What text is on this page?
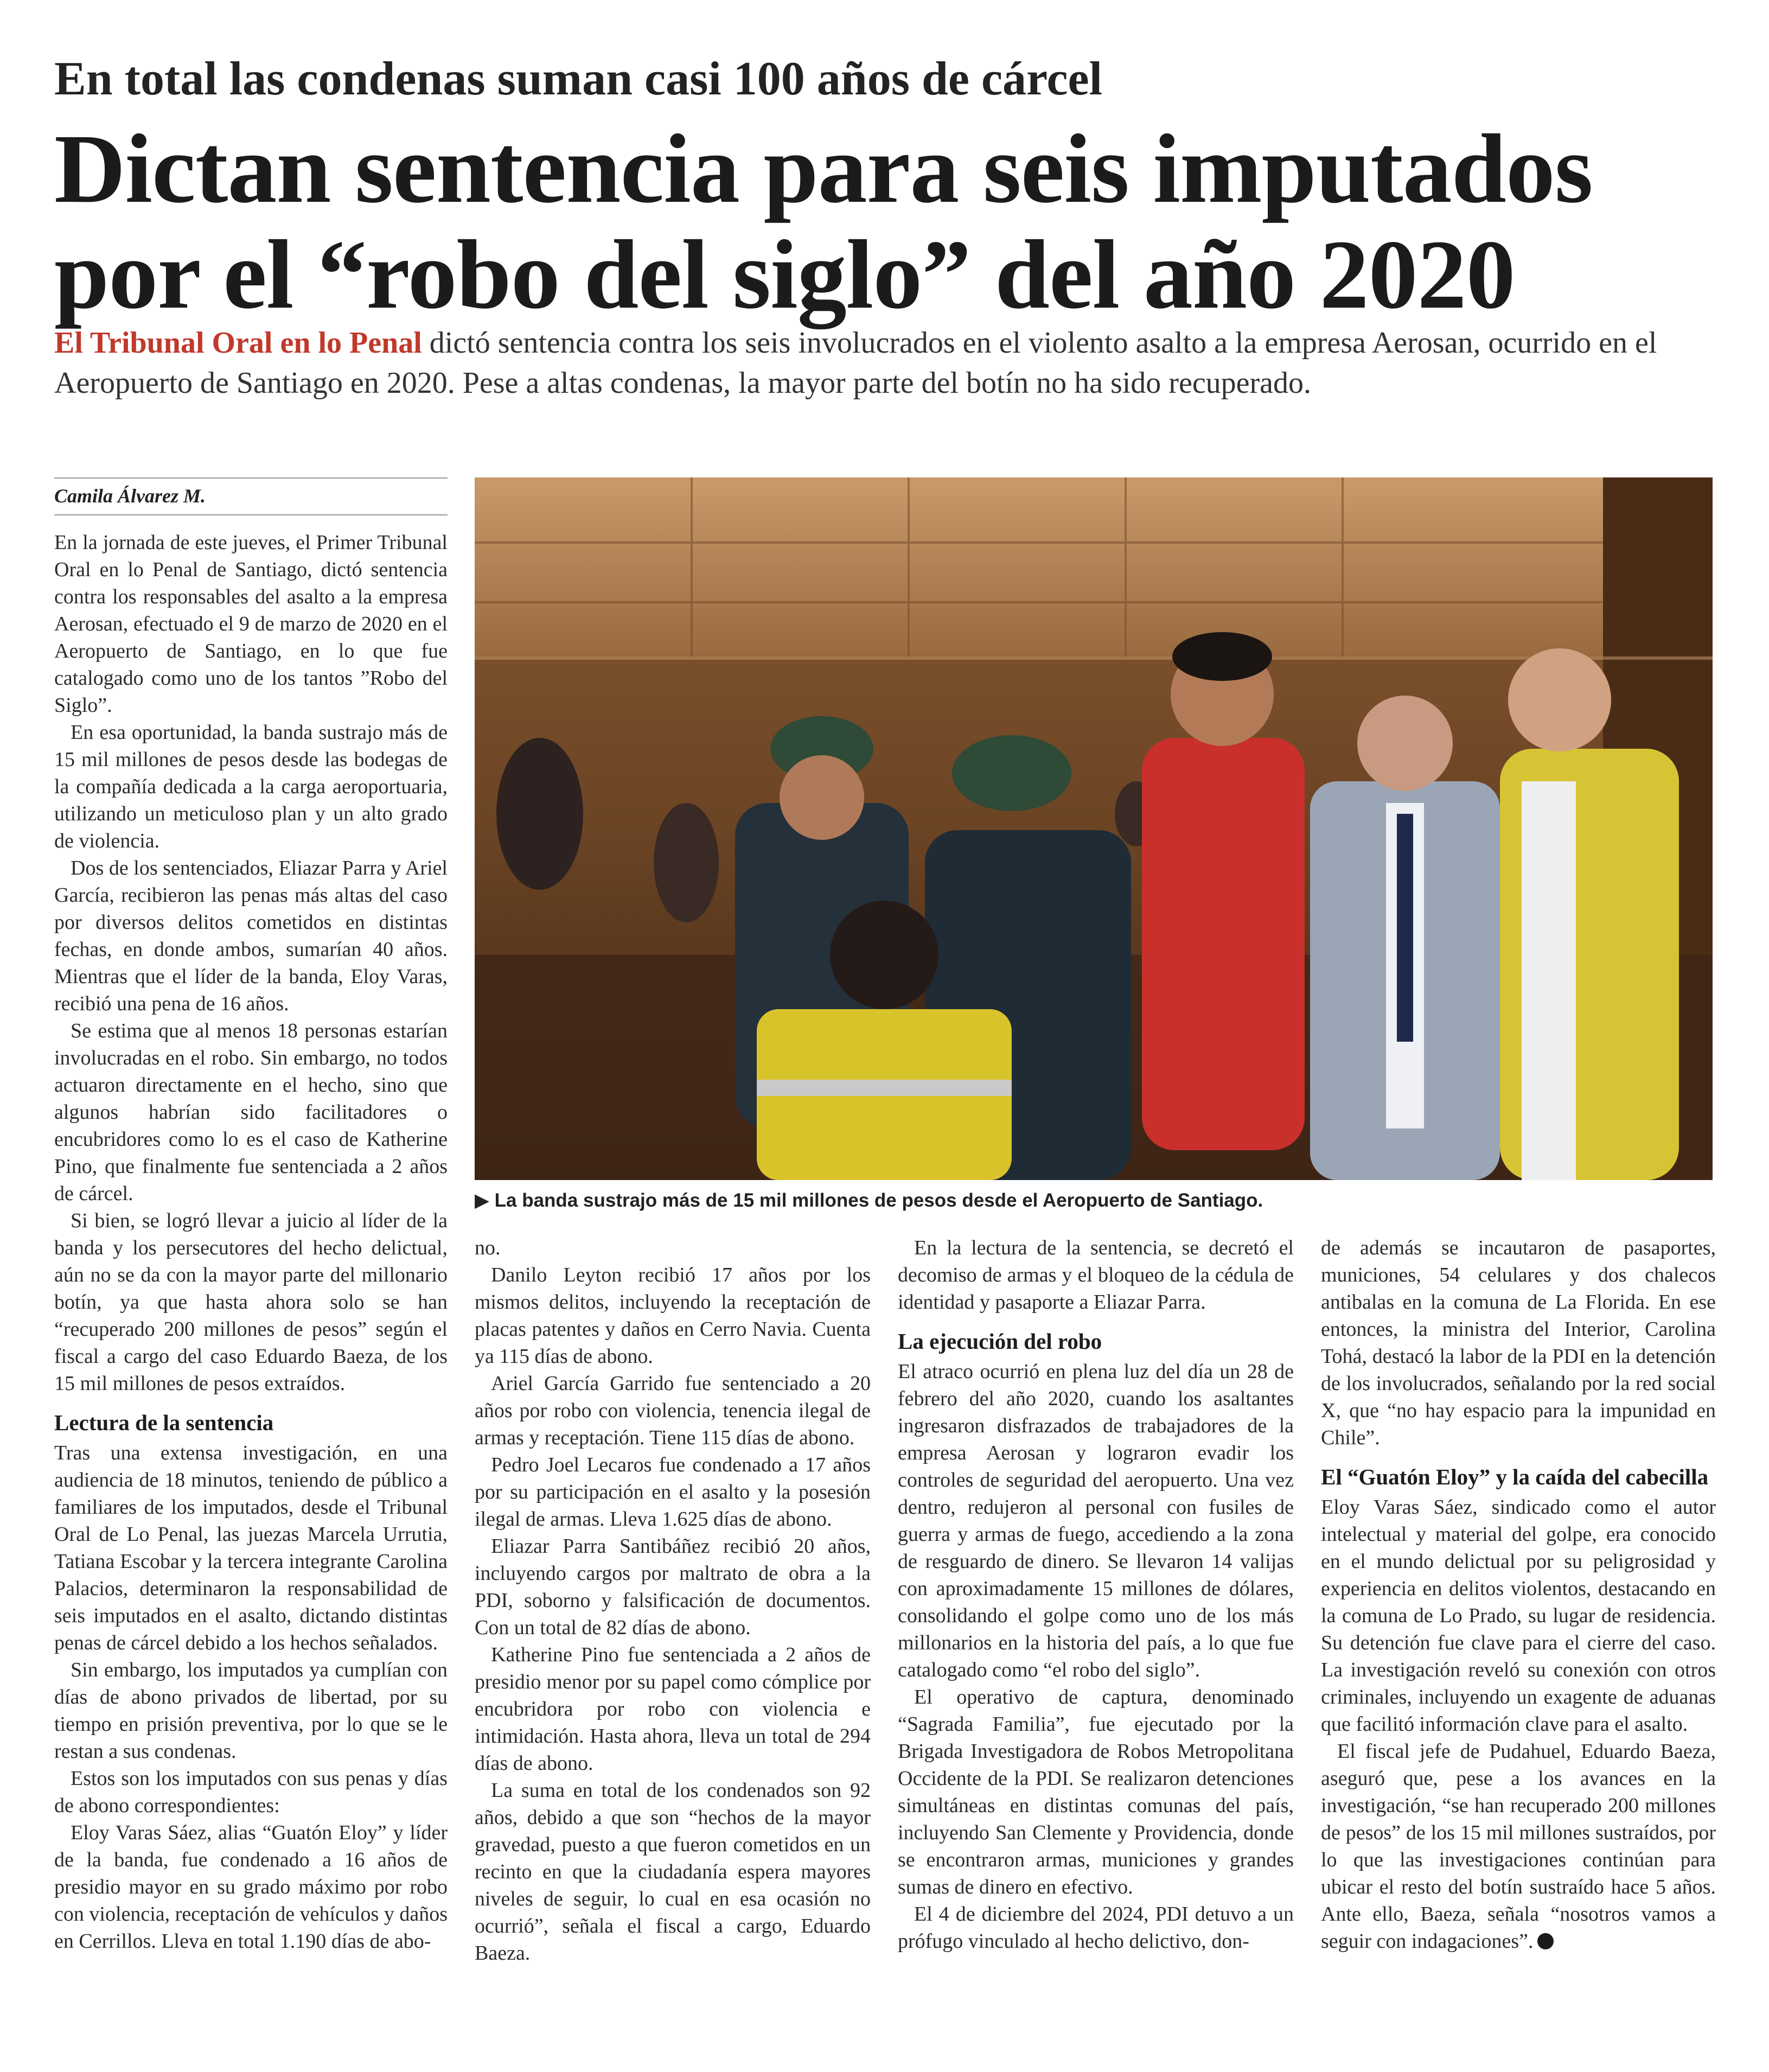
En total las condenas suman casi 100 años de cárcel
Dictan sentencia para seis imputados
por el “robo del siglo” del año 2020
El Tribunal Oral en lo Penal dictó sentencia contra los seis involucrados en el violento asalto a la empresa Aerosan, ocurrido en el Aeropuerto de Santiago en 2020. Pese a altas condenas, la mayor parte del botín no ha sido recuperado.
Camila Álvarez M.

En la jornada de este jueves, el Primer Tribunal Oral en lo Penal de Santiago, dictó sentencia contra los responsables del asalto a la empresa Aerosan, efectuado el 9 de marzo de 2020 en el Aeropuerto de Santiago, en lo que fue catalogado como uno de los tantos ”Robo del Siglo”.

En esa oportunidad, la banda sustrajo más de 15 mil millones de pesos desde las bodegas de la compañía dedicada a la carga aeroportuaria, utilizando un meticuloso plan y un alto grado de violencia.

Dos de los sentenciados, Eliazar Parra y Ariel García, recibieron las penas más altas del caso por diversos delitos cometidos en distintas fechas, en donde ambos, sumarían 40 años. Mientras que el líder de la banda, Eloy Varas, recibió una pena de 16 años.

Se estima que al menos 18 personas estarían involucradas en el robo. Sin embargo, no todos actuaron directamente en el hecho, sino que algunos habrían sido facilitadores o encubridores como lo es el caso de Katherine Pino, que finalmente fue sentenciada a 2 años de cárcel.

Si bien, se logró llevar a juicio al líder de la banda y los persecutores del hecho delictual, aún no se da con la mayor parte del millonario botín, ya que hasta ahora solo se han “recuperado 200 millones de pesos” según el fiscal a cargo del caso Eduardo Baeza, de los 15 mil millones de pesos extraídos.

Lectura de la sentencia

Tras una extensa investigación, en una audiencia de 18 minutos, teniendo de público a familiares de los imputados, desde el Tribunal Oral de Lo Penal, las juezas Marcela Urrutia, Tatiana Escobar y la tercera integrante Carolina Palacios, determinaron la responsabilidad de seis imputados en el asalto, dictando distintas penas de cárcel debido a los hechos señalados.

Sin embargo, los imputados ya cumplían con días de abono privados de libertad, por su tiempo en prisión preventiva, por lo que se le restan a sus condenas.

Estos son los imputados con sus penas y días de abono correspondientes:

Eloy Varas Sáez, alias “Guatón Eloy” y líder de la banda, fue condenado a 16 años de presidio mayor en su grado máximo por robo con violencia, receptación de vehículos y daños en Cerrillos. Lleva en total 1.190 días de abo-

▶ La banda sustrajo más de 15 mil millones de pesos desde el Aeropuerto de Santiago.

no.

Danilo Leyton recibió 17 años por los mismos delitos, incluyendo la receptación de placas patentes y daños en Cerro Navia. Cuenta ya 115 días de abono.

Ariel García Garrido fue sentenciado a 20 años por robo con violencia, tenencia ilegal de armas y receptación. Tiene 115 días de abono.

Pedro Joel Lecaros fue condenado a 17 años por su participación en el asalto y la posesión ilegal de armas. Lleva 1.625 días de abono.

Eliazar Parra Santibáñez recibió 20 años, incluyendo cargos por maltrato de obra a la PDI, soborno y falsificación de documentos. Con un total de 82 días de abono.

Katherine Pino fue sentenciada a 2 años de presidio menor por su papel como cómplice por encubridora por robo con violencia e intimidación. Hasta ahora, lleva un total de 294 días de abono.

La suma en total de los condenados son 92 años, debido a que son “hechos de la mayor gravedad, puesto a que fueron cometidos en un recinto en que la ciudadanía espera mayores niveles de seguir, lo cual en esa ocasión no ocurrió”, señala el fiscal a cargo, Eduardo Baeza.

En la lectura de la sentencia, se decretó el decomiso de armas y el bloqueo de la cédula de identidad y pasaporte a Eliazar Parra.

La ejecución del robo

El atraco ocurrió en plena luz del día un 28 de febrero del año 2020, cuando los asaltantes ingresaron disfrazados de trabajadores de la empresa Aerosan y lograron evadir los controles de seguridad del aeropuerto. Una vez dentro, redujeron al personal con fusiles de guerra y armas de fuego, accediendo a la zona de resguardo de dinero. Se llevaron 14 valijas con aproximadamente 15 millones de dólares, consolidando el golpe como uno de los más millonarios en la historia del país, a lo que fue catalogado como “el robo del siglo”.

El operativo de captura, denominado “Sagrada Familia”, fue ejecutado por la Brigada Investigadora de Robos Metropolitana Occidente de la PDI. Se realizaron detenciones simultáneas en distintas comunas del país, incluyendo San Clemente y Providencia, donde se encontraron armas, municiones y grandes sumas de dinero en efectivo.

El 4 de diciembre del 2024, PDI detuvo a un prófugo vinculado al hecho delictivo, don-

de además se incautaron de pasaportes, municiones, 54 celulares y dos chalecos antibalas en la comuna de La Florida. En ese entonces, la ministra del Interior, Carolina Tohá, destacó la labor de la PDI en la detención de los involucrados, señalando por la red social X, que “no hay espacio para la impunidad en Chile”.

El “Guatón Eloy” y la caída del cabecilla

Eloy Varas Sáez, sindicado como el autor intelectual y material del golpe, era conocido en el mundo delictual por su peligrosidad y experiencia en delitos violentos, destacando en la comuna de Lo Prado, su lugar de residencia. Su detención fue clave para el cierre del caso. La investigación reveló su conexión con otros criminales, incluyendo un exagente de aduanas que facilitó información clave para el asalto.

El fiscal jefe de Pudahuel, Eduardo Baeza, aseguró que, pese a los avances en la investigación, “se han recuperado 200 millones de pesos” de los 15 mil millones sustraídos, por lo que las investigaciones continúan para ubicar el resto del botín sustraído hace 5 años. Ante ello, Baeza, señala “nosotros vamos a seguir con indagaciones”.
